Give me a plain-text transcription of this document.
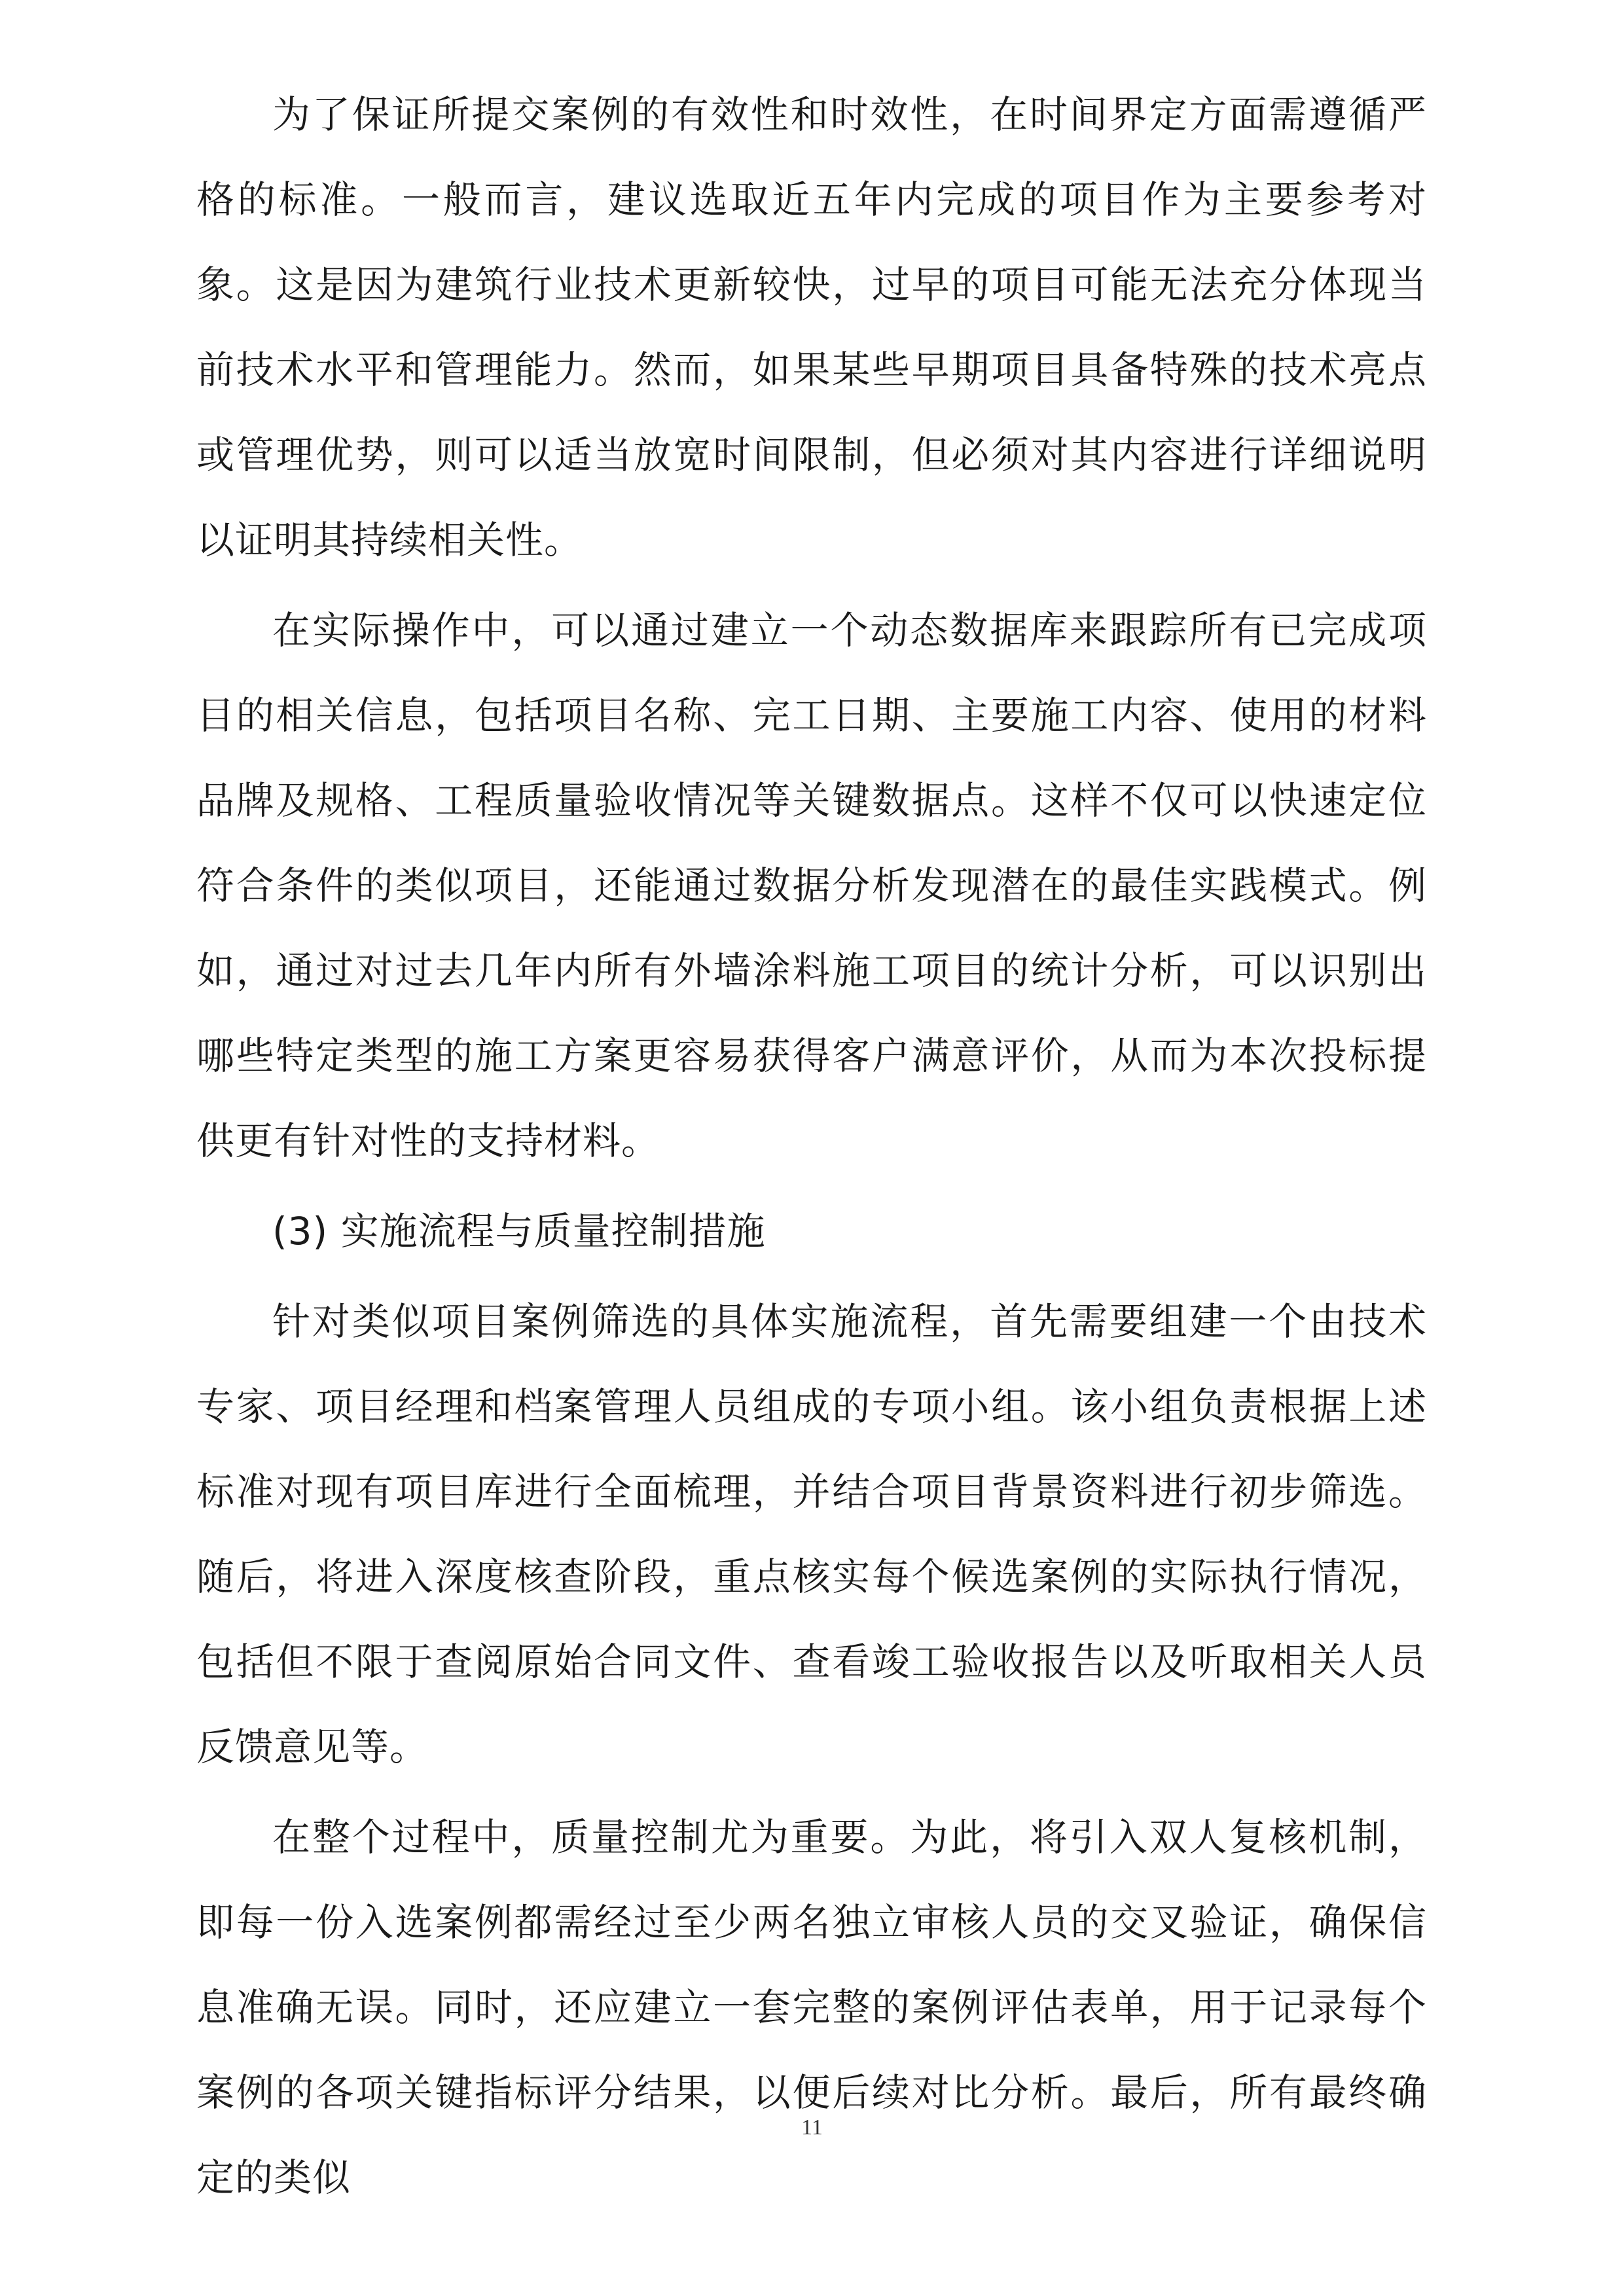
为了保证所提交案例的有效性和时效性，在时间界定方面需遵循严格的标准。一般而言，建议选取近五年内完成的项目作为主要参考对象。这是因为建筑行业技术更新较快，过早的项目可能无法充分体现当前技术水平和管理能力。然而，如果某些早期项目具备特殊的技术亮点或管理优势，则可以适当放宽时间限制，但必须对其内容进行详细说明以证明其持续相关性。

在实际操作中，可以通过建立一个动态数据库来跟踪所有已完成项目的相关信息，包括项目名称、完工日期、主要施工内容、使用的材料品牌及规格、工程质量验收情况等关键数据点。这样不仅可以快速定位符合条件的类似项目，还能通过数据分析发现潜在的最佳实践模式。例如，通过对过去几年内所有外墙涂料施工项目的统计分析，可以识别出哪些特定类型的施工方案更容易获得客户满意评价，从而为本次投标提供更有针对性的支持材料。

(3) 实施流程与质量控制措施

针对类似项目案例筛选的具体实施流程，首先需要组建一个由技术专家、项目经理和档案管理人员组成的专项小组。该小组负责根据上述标准对现有项目库进行全面梳理，并结合项目背景资料进行初步筛选。随后，将进入深度核查阶段，重点核实每个候选案例的实际执行情况，包括但不限于查阅原始合同文件、查看竣工验收报告以及听取相关人员反馈意见等。

在整个过程中，质量控制尤为重要。为此，将引入双人复核机制，即每一份入选案例都需经过至少两名独立审核人员的交叉验证，确保信息准确无误。同时，还应建立一套完整的案例评估表单，用于记录每个案例的各项关键指标评分结果，以便后续对比分析。最后，所有最终确定的类似

11
